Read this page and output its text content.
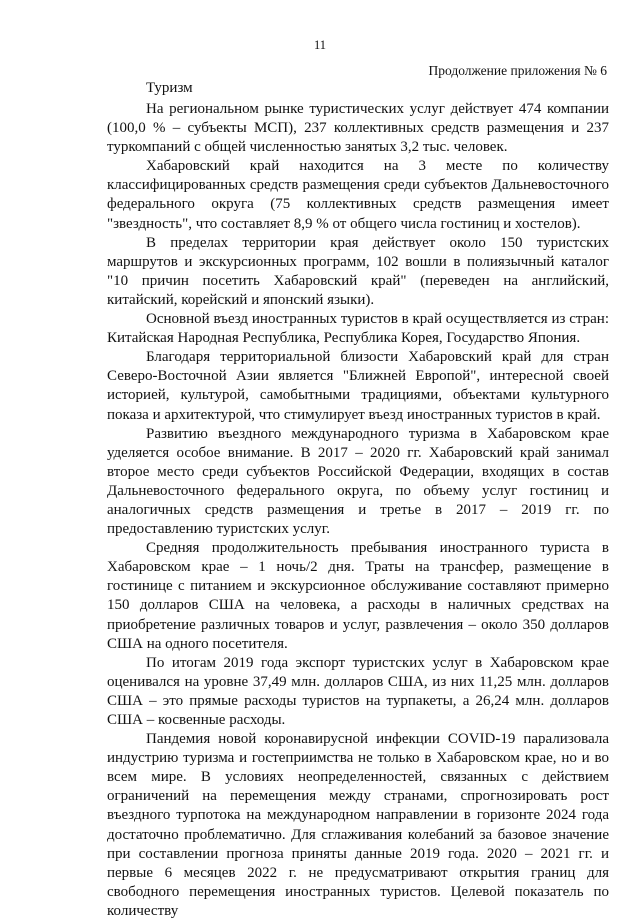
11
Продолжение приложения № 6
Туризм

На региональном рынке туристических услуг действует 474 компании (100,0 % – субъекты МСП), 237 коллективных средств размещения и 237 туркомпаний с общей численностью занятых 3,2 тыс. человек.

Хабаровский край находится на 3 месте по количеству классифицированных средств размещения среди субъектов Дальневосточного федерального округа (75 коллективных средств размещения имеет "звездность", что составляет 8,9 % от общего числа гостиниц и хостелов).

В пределах территории края действует около 150 туристских маршрутов и экскурсионных программ, 102 вошли в полиязычный каталог "10 причин посетить Хабаровский край" (переведен на английский, китайский, корейский и японский языки).

Основной въезд иностранных туристов в край осуществляется из стран: Китайская Народная Республика, Республика Корея, Государство Япония.

Благодаря территориальной близости Хабаровский край для стран Северо-Восточной Азии является "Ближней Европой", интересной своей историей, культурой, самобытными традициями, объектами культурного показа и архитектурой, что стимулирует въезд иностранных туристов в край.

Развитию въездного международного туризма в Хабаровском крае уделяется особое внимание. В 2017 – 2020 гг. Хабаровский край занимал второе место среди субъектов Российской Федерации, входящих в состав Дальневосточного федерального округа, по объему услуг гостиниц и аналогичных средств размещения и третье в 2017 – 2019 гг. по предоставлению туристских услуг.

Средняя продолжительность пребывания иностранного туриста в Хабаровском крае – 1 ночь/2 дня. Траты на трансфер, размещение в гостинице с питанием и экскурсионное обслуживание составляют примерно 150 долларов США на человека, а расходы в наличных средствах на приобретение различных товаров и услуг, развлечения – около 350 долларов США на одного посетителя.

По итогам 2019 года экспорт туристских услуг в Хабаровском крае оценивался на уровне 37,49 млн. долларов США, из них 11,25 млн. долларов США – это прямые расходы туристов на турпакеты, а 26,24 млн. долларов США – косвенные расходы.

Пандемия новой коронавирусной инфекции COVID-19 парализовала индустрию туризма и гостеприимства не только в Хабаровском крае, но и во всем мире. В условиях неопределенностей, связанных с действием ограничений на перемещения между странами, спрогнозировать рост въездного турпотока на международном направлении в горизонте 2024 года достаточно проблематично. Для сглаживания колебаний за базовое значение при составлении прогноза приняты данные 2019 года. 2020 – 2021 гг. и первые 6 месяцев 2022 г. не предусматривают открытия границ для свободного перемещения иностранных туристов. Целевой показатель по количеству
